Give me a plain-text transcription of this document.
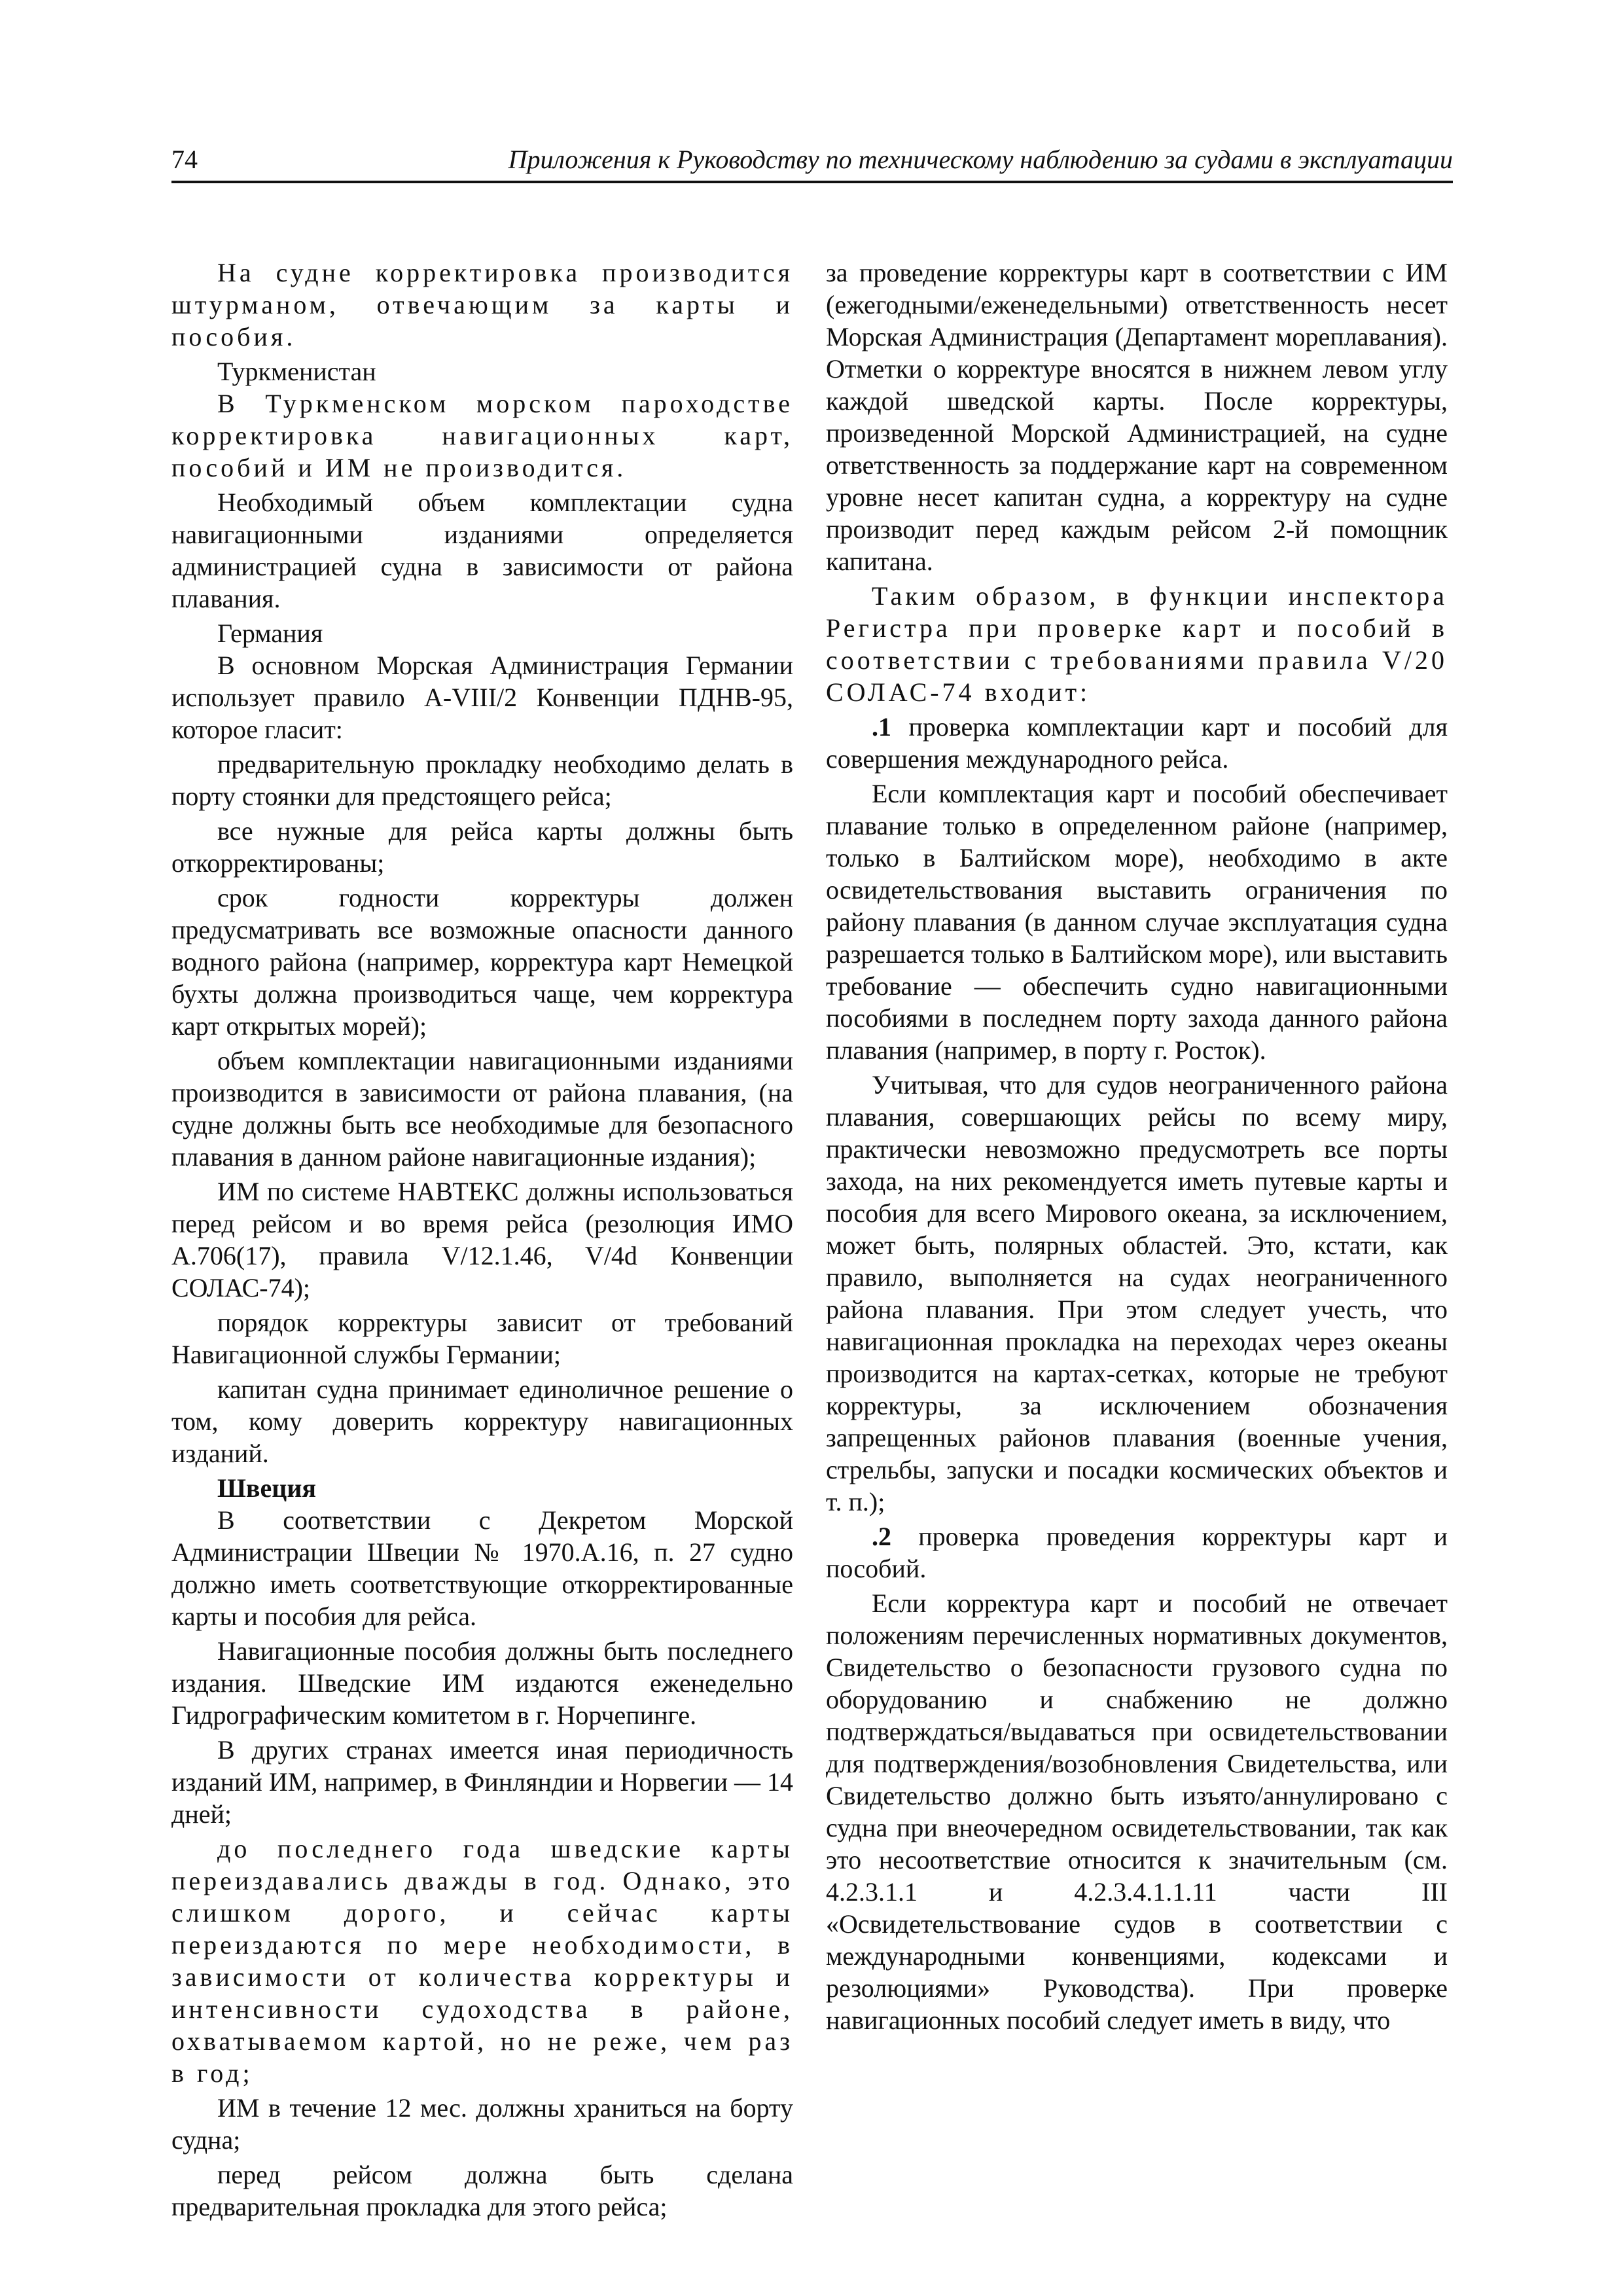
74	Приложения к Руководству по техническому наблюдению за судами в эксплуатации

На судне корректировка производится штурманом, отвечающим за карты и пособия.

Туркменистан

В Туркменском морском пароходстве корректировка навигационных карт, пособий и ИМ не производится.

Необходимый объем комплектации судна навигационными изданиями определяется администрацией судна в зависимости от района плавания.

Германия

В основном Морская Администрация Германии использует правило А-VIII/2 Конвенции ПДНВ-95, которое гласит:

предварительную прокладку необходимо делать в порту стоянки для предстоящего рейса;

все нужные для рейса карты должны быть откорректированы;

срок годности корректуры должен предусматривать все возможные опасности данного водного района (например, корректура карт Немецкой бухты должна производиться чаще, чем корректура карт открытых морей);

объем комплектации навигационными изданиями производится в зависимости от района плавания, (на судне должны быть все необходимые для безопасного плавания в данном районе навигационные издания);

ИМ по системе НАВТЕКС должны использоваться перед рейсом и во время рейса (резолюция ИМО А.706(17), правила V/12.1.46, V/4d Конвенции СОЛАС-74);

порядок корректуры зависит от требований Навигационной службы Германии;

капитан судна принимает единоличное решение о том, кому доверить корректуру навигационных изданий.

Швеция

В соответствии с Декретом Морской Администрации Швеции № 1970.A.16, п. 27 судно должно иметь соответствующие откорректированные карты и пособия для рейса.

Навигационные пособия должны быть последнего издания. Шведские ИМ издаются еженедельно Гидрографическим комитетом в г. Норчепинге.

В других странах имеется иная периодичность изданий ИМ, например, в Финляндии и Норвегии — 14 дней;

до последнего года шведские карты переиздавались дважды в год. Однако, это слишком дорого, и сейчас карты переиздаются по мере необходимости, в зависимости от количества корректуры и интенсивности судоходства в районе, охватываемом картой, но не реже, чем раз в год;

ИМ в течение 12 мес. должны храниться на борту судна;

перед рейсом должна быть сделана предварительная прокладка для этого рейса;

за проведение корректуры карт в соответствии с ИМ (ежегодными/еженедельными) ответственность несет Морская Администрация (Департамент мореплавания). Отметки о корректуре вносятся в нижнем левом углу каждой шведской карты. После корректуры, произведенной Морской Администрацией, на судне ответственность за поддержание карт на современном уровне несет капитан судна, а корректуру на судне производит перед каждым рейсом 2-й помощник капитана.

Таким образом, в функции инспектора Регистра при проверке карт и пособий в соответствии с требованиями правила V/20 СОЛАС-74 входит:

.1 проверка комплектации карт и пособий для совершения международного рейса.

Если комплектация карт и пособий обеспечивает плавание только в определенном районе (например, только в Балтийском море), необходимо в акте освидетельствования выставить ограничения по району плавания (в данном случае эксплуатация судна разрешается только в Балтийском море), или выставить требование — обеспечить судно навигационными пособиями в последнем порту захода данного района плавания (например, в порту г. Росток).

Учитывая, что для судов неограниченного района плавания, совершающих рейсы по всему миру, практически невозможно предусмотреть все порты захода, на них рекомендуется иметь путевые карты и пособия для всего Мирового океана, за исключением, может быть, полярных областей. Это, кстати, как правило, выполняется на судах неограниченного района плавания. При этом следует учесть, что навигационная прокладка на переходах через океаны производится на картах-сетках, которые не требуют корректуры, за исключением обозначения запрещенных районов плавания (военные учения, стрельбы, запуски и посадки космических объектов и т. п.);

.2 проверка проведения корректуры карт и пособий.

Если корректура карт и пособий не отвечает положениям перечисленных нормативных документов, Свидетельство о безопасности грузового судна по оборудованию и снабжению не должно подтверждаться/выдаваться при освидетельствовании для подтверждения/возобновления Свидетельства, или Свидетельство должно быть изъято/аннулировано с судна при внеочередном освидетельствовании, так как это несоответствие относится к значительным (см. 4.2.3.1.1 и 4.2.3.4.1.1.11 части III «Освидетельствование судов в соответствии с международными конвенциями, кодексами и резолюциями» Руководства). При проверке навигационных пособий следует иметь в виду, что
